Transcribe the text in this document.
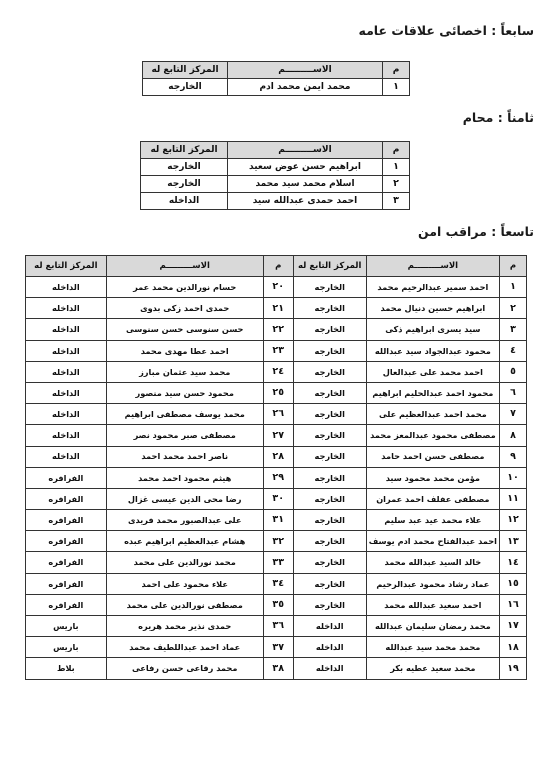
سابعاً : اخصائى علاقات عامه
م	الاســـــــــم	المركز التابع له
١	محمد ايمن محمد ادم	الخارجه
ثامناً : محام
م	الاســـــــــم	المركز التابع له
١	ابراهيم حسن عوض سعيد	الخارجه
٢	اسلام محمد سيد محمد	الخارجه
٣	احمد حمدى عبدالله سيد	الداخله
تاسعاً : مراقب امن
م	الاســـــــــم	المركز التابع له	م	الاســـــــــم	المركز التابع له
١	احمد سمير عبدالرحيم محمد	الخارجه	٢٠	حسام نورالدين محمد عمر	الداخله
٢	ابراهيم حسين دنيال محمد	الخارجه	٢١	حمدى احمد زكى بدوى	الداخله
٣	سيد يسرى ابراهيم ذكى	الخارجه	٢٢	حسن سنوسى حسن سنوسى	الداخله
٤	محمود عبدالجواد سيد عبدالله	الخارجه	٢٣	احمد عطا مهدى محمد	الداخله
٥	احمد محمد على عبدالعال	الخارجه	٢٤	محمد سيد عثمان مبارز	الداخله
٦	محمود احمد عبدالحليم ابراهيم	الخارجه	٢٥	محمود حسن سيد منصور	الداخله
٧	محمد احمد عبدالعظيم على	الخارجه	٢٦	محمد يوسف مصطفى ابراهيم	الداخله
٨	مصطفى محمود عبدالمعز محمد	الخارجه	٢٧	مصطفى صبر محمود نصر	الداخله
٩	مصطفى حسن احمد حامد	الخارجه	٢٨	ناصر احمد محمد احمد	الداخله
١٠	مؤمن محمد محمود سيد	الخارجه	٢٩	هيثم محمود احمد محمد	الفرافره
١١	مصطفى عفلف احمد عمران	الخارجه	٣٠	رضا محى الدين عيسى غزال	الفرافره
١٢	علاء محمد عيد عبد سليم	الخارجه	٣١	على عبدالصبور محمد فريدى	الفرافره
١٣	احمد عبدالفتاح محمد ادم يوسف	الخارجه	٣٢	هشام عبدالعظيم ابراهيم عبده	الفرافره
١٤	خالد السيد عبدالله محمد	الخارجه	٣٣	محمد نورالدين على محمد	الفرافره
١٥	عماد رشاد محمود عبدالرحيم	الخارجه	٣٤	علاء محمود على احمد	الفرافره
١٦	احمد سعيد عبدالله محمد	الخارجه	٣٥	مصطفى نورالدين على محمد	الفرافره
١٧	محمد رمضان سليمان عبدالله	الداخله	٣٦	حمدى نذير محمد هريره	باريس
١٨	محمد محمد سيد عبدالله	الداخله	٣٧	عماد احمد عبداللطيف محمد	باريس
١٩	محمد سعيد عطيه بكر	الداخله	٣٨	محمد رفاعى حسن رفاعى	بلاط
